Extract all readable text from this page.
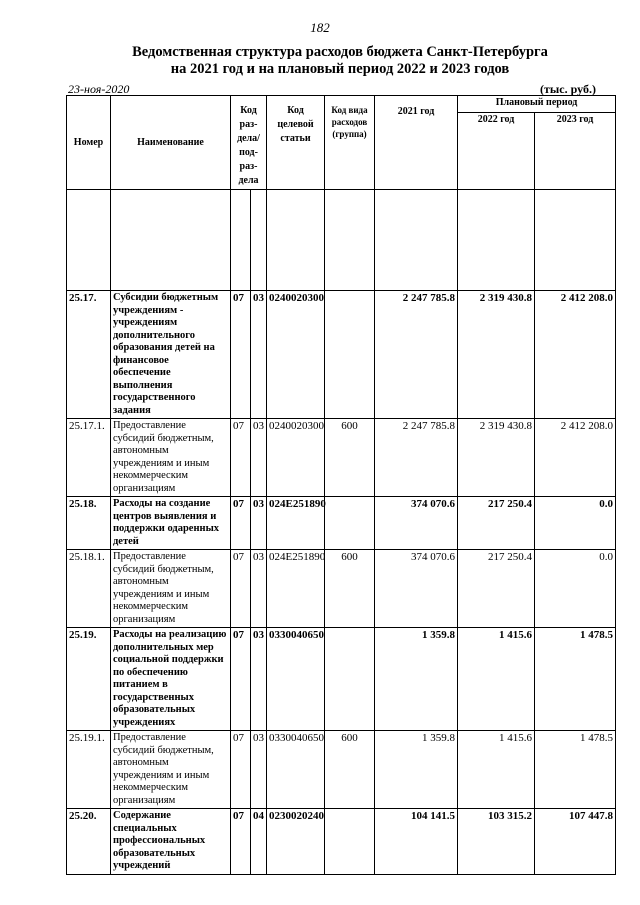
182
Ведомственная структура расходов бюджета Санкт-Петербурга
на 2021 год и на плановый период 2022 и 2023 годов
23-ноя-2020	(тыс. руб.)
Номер	Наименование	Код раз- дела/ под- раз- дела		Код целевой статьи	Код вида расходов (группа)	2021 год	Плановый период	
							2022 год	2023 год

25.17.	Субсидии бюджетным учреждениям - учреждениям дополнительного образования детей на финансовое обеспечение выполнения государственного задания	07	03	0240020300		2 247 785.8	2 319 430.8	2 412 208.0
25.17.1.	Предоставление субсидий бюджетным, автономным учреждениям и иным некоммерческим организациям	07	03	0240020300	600	2 247 785.8	2 319 430.8	2 412 208.0
25.18.	Расходы на создание центров выявления и поддержки одаренных детей	07	03	024E251890		374 070.6	217 250.4	0.0
25.18.1.	Предоставление субсидий бюджетным, автономным учреждениям и иным некоммерческим организациям	07	03	024E251890	600	374 070.6	217 250.4	0.0
25.19.	Расходы на реализацию дополнительных мер социальной поддержки по обеспечению питанием в государственных образовательных учреждениях	07	03	0330040650		1 359.8	1 415.6	1 478.5
25.19.1.	Предоставление субсидий бюджетным, автономным учреждениям и иным некоммерческим организациям	07	03	0330040650	600	1 359.8	1 415.6	1 478.5
25.20.	Содержание специальных профессиональных образовательных учреждений	07	04	0230020240		104 141.5	103 315.2	107 447.8
